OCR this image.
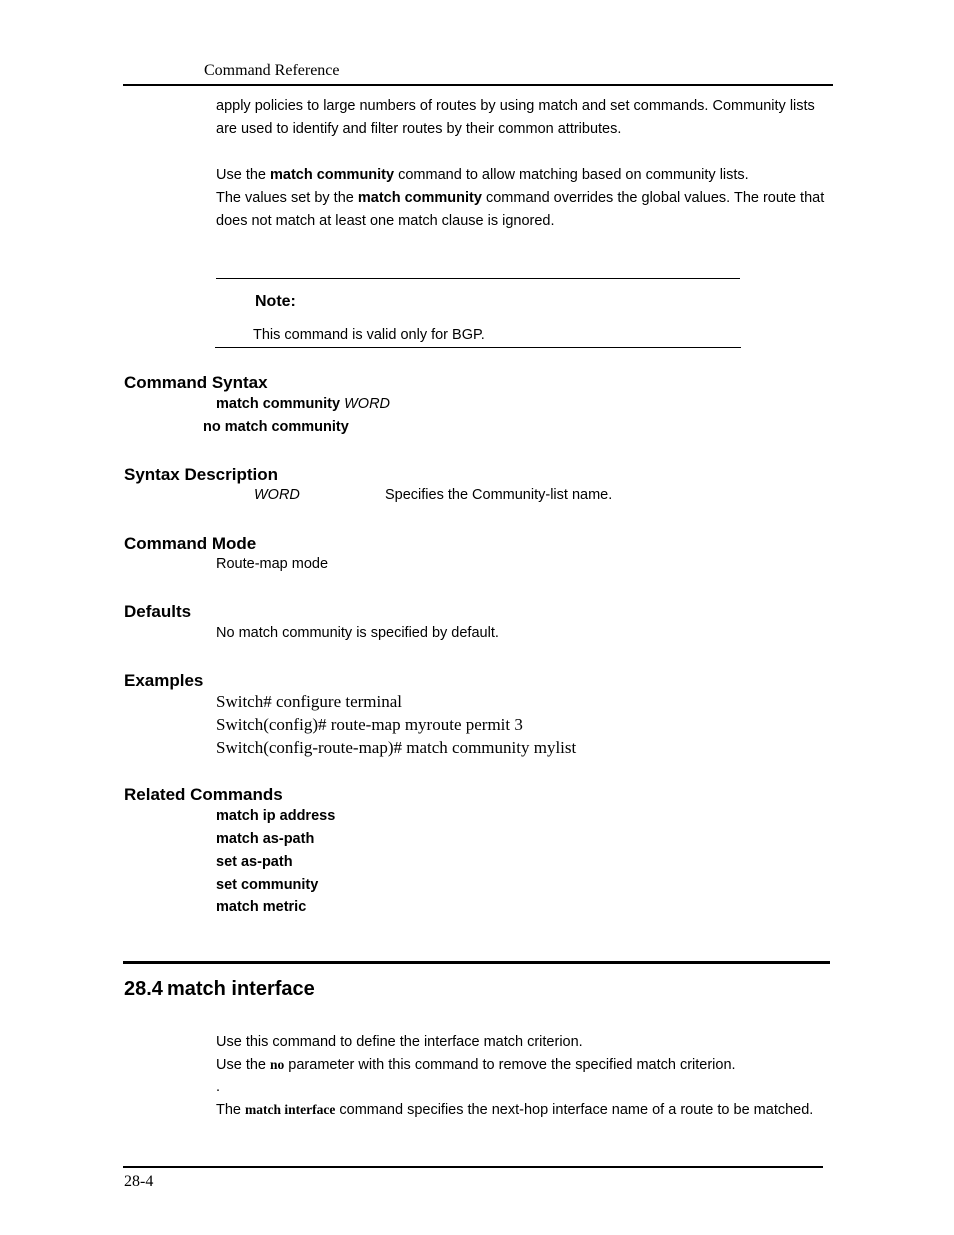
Command Reference
apply policies to large numbers of routes by using match and set commands. Community lists
are used to identify and filter routes by their common attributes.
Use the match community command to allow matching based on community lists.
The values set by the match community command overrides the global values. The route that
does not match at least one match clause is ignored.
Note:
This command is valid only for BGP.
Command Syntax
match community WORD
no match community
Syntax Description
WORD	Specifies the Community-list name.
Command Mode
Route-map mode
Defaults
No match community is specified by default.
Examples
Switch# configure terminal
Switch(config)# route-map myroute permit 3
Switch(config-route-map)# match community mylist
Related Commands
match ip address
match as-path
set as-path
set community
match metric
28.4 match interface
Use this command to define the interface match criterion.
Use the no parameter with this command to remove the specified match criterion.
.
The match interface command specifies the next-hop interface name of a route to be matched.
28-4
